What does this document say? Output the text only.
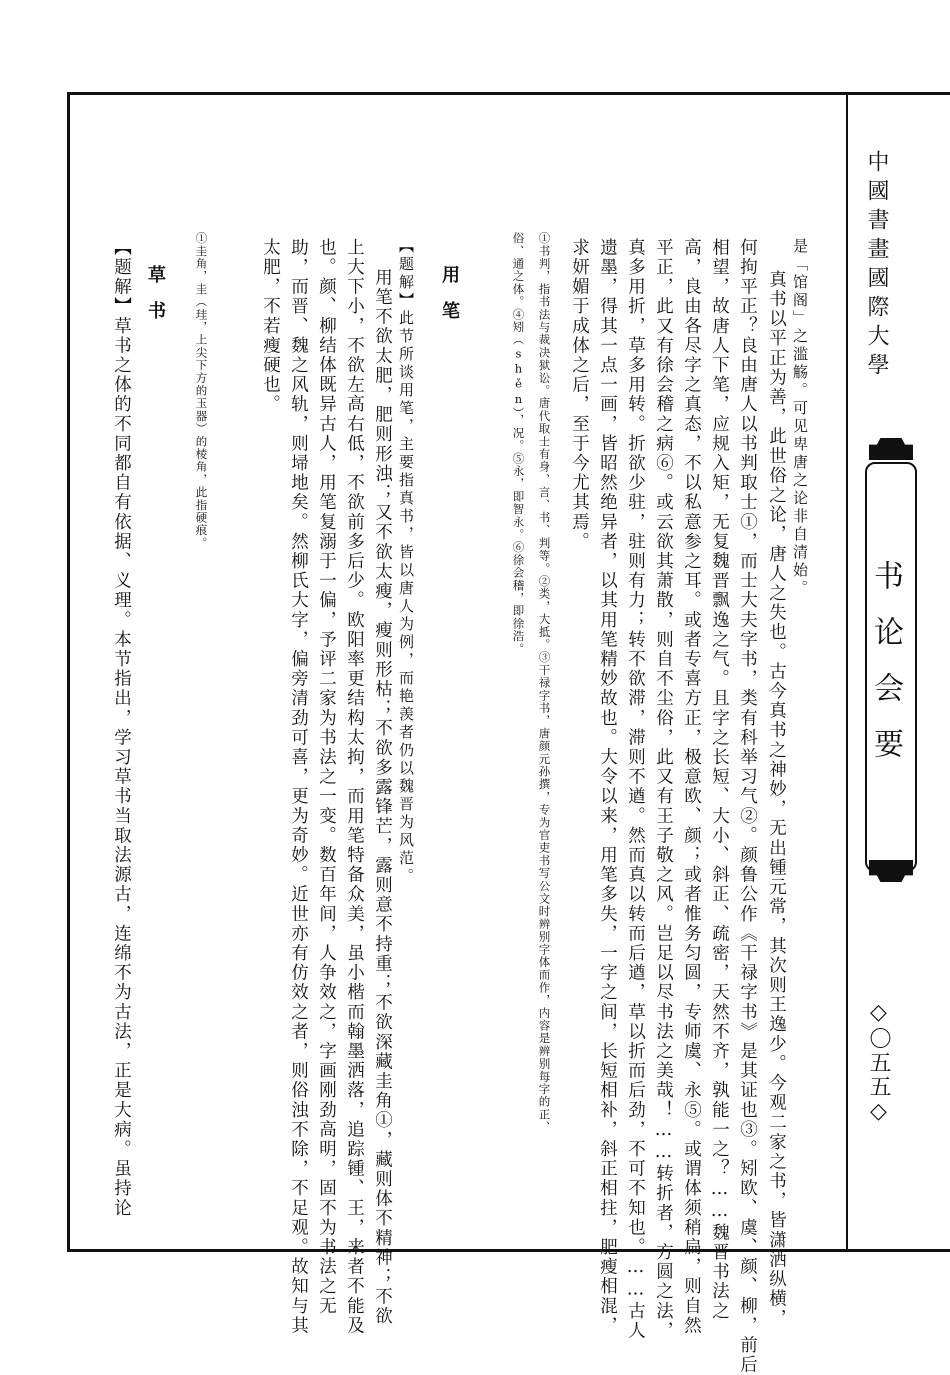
中國書畫國際大學
书论会要
◇〇五五◇
是「馆阁」之滥觞。可见卑唐之论非自清始。
真书以平正为善，此世俗之论，唐人之失也。古今真书之神妙，无出锺元常，其次则王逸少。今观二家之书，皆潇洒纵横，
何拘平正？良由唐人以书判取士①，而士大夫字书，类有科举习气②。颜鲁公作《干禄字书》是其证也③。矧欧、虞、颜、柳，前后
相望，故唐人下笔，应规入矩，无复魏晋飘逸之气。且字之长短、大小、斜正、疏密，天然不齐，孰能一之？……魏晋书法之
高，良由各尽字之真态，不以私意参之耳。或者专喜方正，极意欧、颜；或者惟务匀圆，专师虞、永⑤。或谓体须稍扁，则自然
平正，此又有徐会稽之病⑥。或云欲其萧散，则自不尘俗，此又有王子敬之风。岂足以尽书法之美哉！……转折者，方圆之法，
真多用折，草多用转。折欲少驻，驻则有力；转不欲滞，滞则不遒。然而真以转而后遒，草以折而后劲，不可不知也。……古人
遗墨，得其一点一画，皆昭然绝异者，以其用笔精妙故也。大令以来，用笔多失，一字之间，长短相补，斜正相拄，肥瘦相混，
求妍媚于成体之后，至于今尤其焉。
①书判，指书法与裁决狱讼。唐代取士有身、言、书、判等。②类，大抵。③干禄字书，唐颜元孙撰，专为官吏书写公文时辨别字体而作，内容是辨别每字的正、
俗、通之体。④矧（shěn），况。⑤永，即智永。⑥徐会稽，即徐浩。
用笔
【题解】此节所谈用笔，主要指真书，皆以唐人为例，而艳羡者仍以魏晋为风范。
用笔不欲太肥，肥则形浊；又不欲太瘦，瘦则形枯；不欲多露锋芒，露则意不持重；不欲深藏圭角①，藏则体不精神；不欲
上大下小，不欲左高右低，不欲前多后少。欧阳率更结构太拘，而用笔特备众美，虽小楷而翰墨洒落，追踪锺、王，来者不能及
也。颜、柳结体既异古人，用笔复溺于一偏，予评二家为书法之一变。数百年间，人争效之，字画刚劲高明，固不为书法之无
助，而晋、魏之风轨，则埽地矣。然柳氏大字，偏旁清劲可喜，更为奇妙。近世亦有仿效之者，则俗浊不除，不足观。故知与其
太肥，不若瘦硬也。
①圭角，圭（珪，上尖下方的玉器）的棱角，此指硬痕。
草书
【题解】草书之体的不同都自有依据、义理。本节指出，学习草书当取法源古，连绵不为古法，正是大病。虽持论
